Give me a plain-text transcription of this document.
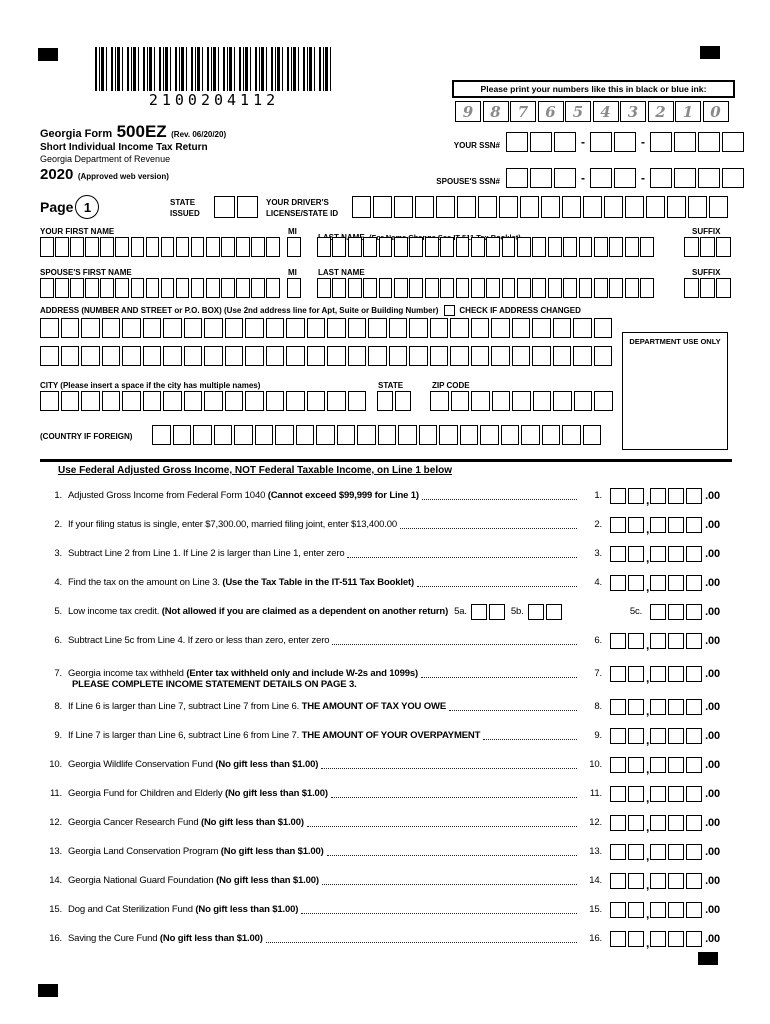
2100204112
Please print your numbers like this in black or blue ink:
9	8	7	6	5	4	3	2	1	0
Georgia Form 500EZ (Rev. 06/20/20)
Short Individual Income Tax Return
Georgia Department of Revenue
2020 (Approved web version)
YOUR SSN#	-	-
SPOUSE'S SSN#	-	-
Page 1	STATE
ISSUED
YOUR DRIVER'S
LICENSE/STATE ID
YOUR FIRST NAME	MI	SUFFIX
SPOUSE'S FIRST NAME	MI	LAST NAME	SUFFIX
ADDRESS (NUMBER AND STREET or P.O. BOX) (Use 2nd address line for Apt, Suite or Building Number)	CHECK IF ADDRESS CHANGED
DEPARTMENT USE ONLY
CITY (Please insert a space if the city has multiple names)	STATE	ZIP CODE
(COUNTRY IF FOREIGN)
Use Federal Adjusted Gross Income, NOT Federal Taxable Income, on Line 1 below
1. Adjusted Gross Income from Federal Form 1040 (Cannot exceed $99,999 for Line 1)	1.	,	.00
2. If your filing status is single, enter $7,300.00, married filing joint, enter $13,400.00	2.	,	.00
3. Subtract Line 2 from Line 1. If Line 2 is larger than Line 1, enter zero	3.	,	.00
4. Find the tax on the amount on Line 3. (Use the Tax Table in the IT-511 Tax Booklet)	4.	,	.00
5. Low income tax credit. (Not allowed if you are claimed as a dependent on another return) 5a.	5b.	5c.	.00
6. Subtract Line 5c from Line 4. If zero or less than zero, enter zero	6.	,	.00
7. Georgia income tax withheld (Enter tax withheld only and include W-2s and 1099s)
PLEASE COMPLETE INCOME STATEMENT DETAILS ON PAGE 3.
7.	,	.00
8. If Line 6 is larger than Line 7, subtract Line 7 from Line 6. THE AMOUNT OF TAX YOU OWE	8.	,	.00
9. If Line 7 is larger than Line 6, subtract Line 6 from Line 7. THE AMOUNT OF YOUR OVERPAYMENT	9.	,	.00
10. Georgia Wildlife Conservation Fund (No gift less than $1.00)	10.	,	.00
11. Georgia Fund for Children and Elderly (No gift less than $1.00)	11.	,	.00
12. Georgia Cancer Research Fund (No gift less than $1.00)	12.	,	.00
13. Georgia Land Conservation Program (No gift less than $1.00)	13.	,	.00
14. Georgia National Guard Foundation (No gift less than $1.00)	14.	,	.00
15. Dog and Cat Sterilization Fund (No gift less than $1.00)	15.	,	.00
16. Saving the Cure Fund (No gift less than $1.00)	16.	,	.00
